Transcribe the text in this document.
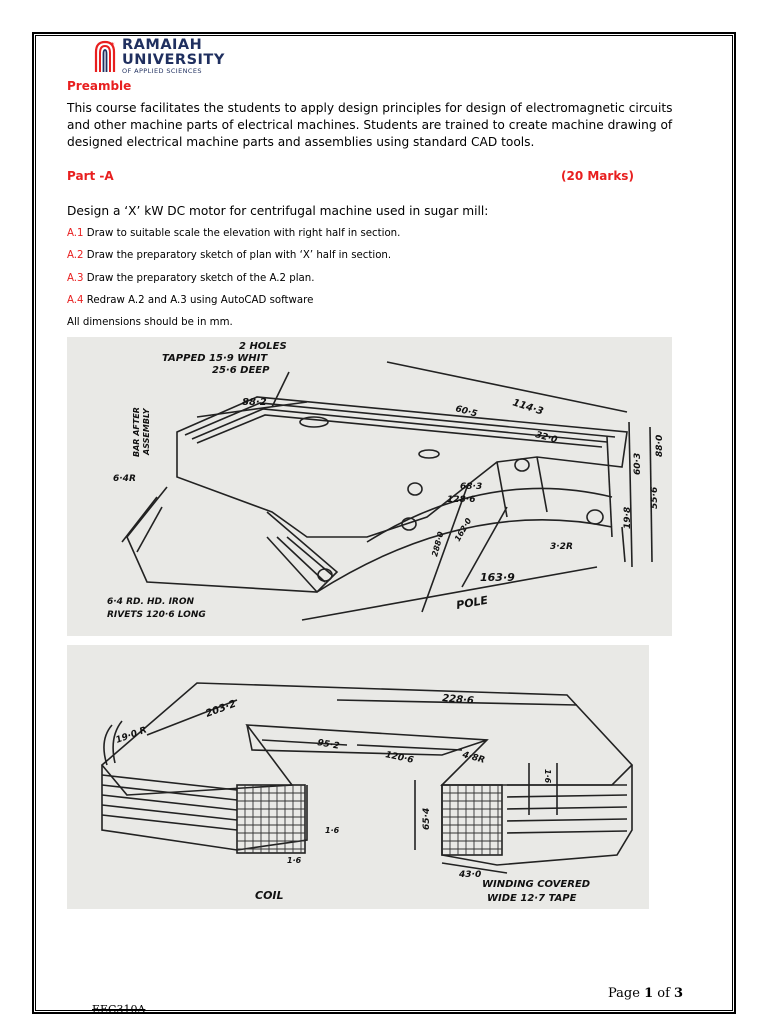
* RAMAIAH
UNIVERSITY
OF APPLIED SCIENCES
Preamble
This course facilitates the students to apply design principles for design of electromagnetic circuits and other machine parts of electrical machines. Students are trained to create machine drawing of designed electrical machine parts and assemblies using standard CAD tools.
Part -A	(20 Marks)
Design a ‘X’ kW DC motor for centrifugal machine used in sugar mill:
A.1 Draw to suitable scale the elevation with right half in section.
A.2 Draw the preparatory sketch of plan with ‘X’ half in section.
A.3 Draw the preparatory sketch of the A.2 plan.
A.4 Redraw A.2 and A.3 using AutoCAD software
All dimensions should be in mm.
2 HOLES
TAPPED 15·9 WHIT
25·6 DEEP
88·2	114·3
60·5
32·0	88·0
60·3
55·6
19·8
68·3
128·6
162·0
288·0	3·2R
6·4R
163·9
BAR AFTER ASSEMBLY
6·4 RD. HD. IRON
RIVETS 120·6 LONG
POLE
203·2	228·6
19·0 R	95·2
120·6	4·8R
1·6
1·6
1·6
65·4
43·0
COIL
WINDING COVERED
WIDE 12·7 TAPE
Page 1 of 3
EEC310A
